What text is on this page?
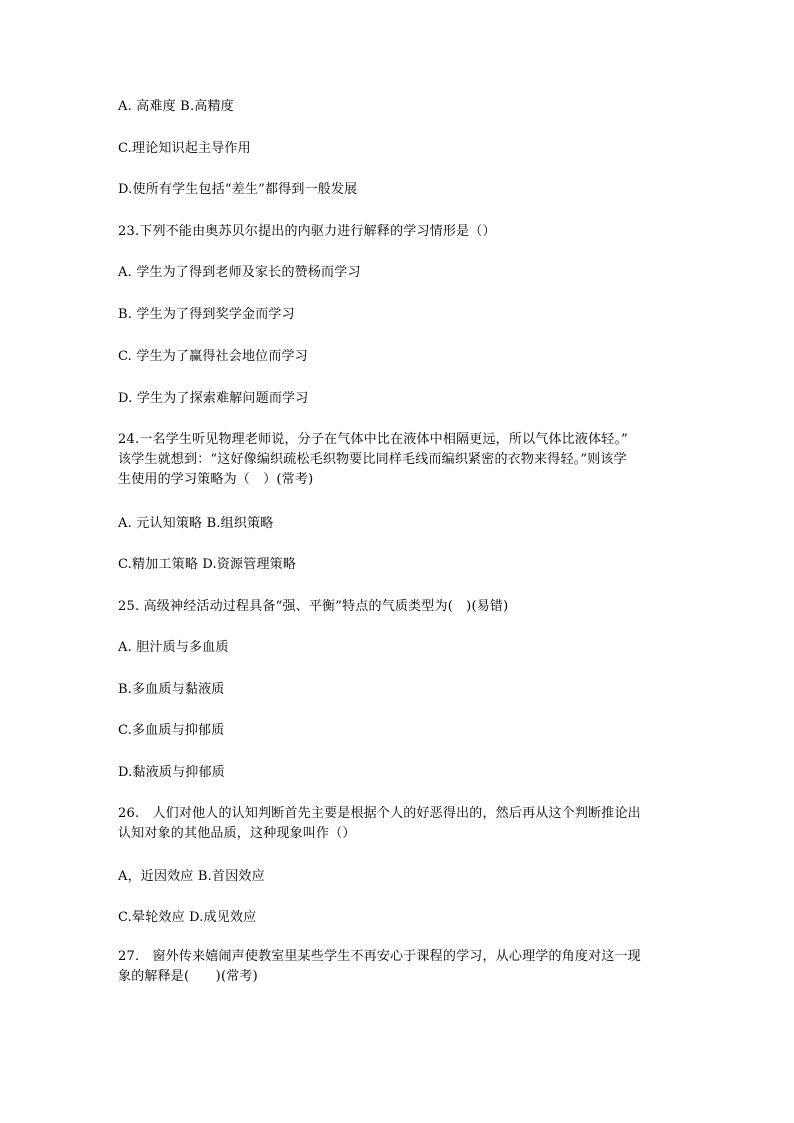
A. 高难度 B.高精度
C.理论知识起主导作用
D.使所有学生包括“差生”都得到一般发展
23.下列不能由奥苏贝尔提出的内驱力进行解释的学习情形是（）
A. 学生为了得到老师及家长的赞杨而学习
B. 学生为了得到奖学金而学习
C. 学生为了赢得社会地位而学习
D. 学生为了探索难解问题而学习
24.一名学生听见物理老师说，分子在气体中比在液体中相隔更远，所以气体比液体轻。”
该学生就想到：“这好像编织疏松毛织物要比同样毛线而编织紧密的衣物来得轻。”则该学
生使用的学习策略为（　）(常考)
A. 元认知策略 B.组织策略
C.精加工策略 D.资源管理策略
25. 高级神经活动过程具备“强、平衡”特点的气质类型为(　)(易错)
A. 胆汁质与多血质
B.多血质与黏液质
C.多血质与抑郁质
D.黏液质与抑郁质
26.　人们对他人的认知判断首先主要是根据个人的好恶得出的，然后再从这个判断推论出
认知对象的其他品质，这种现象叫作（）
A，近因效应 B.首因效应
C.晕轮效应 D.成见效应
27.　窗外传来嬉闹声使教室里某些学生不再安心于课程的学习，从心理学的角度对这一现
象的解释是(　　)(常考)
